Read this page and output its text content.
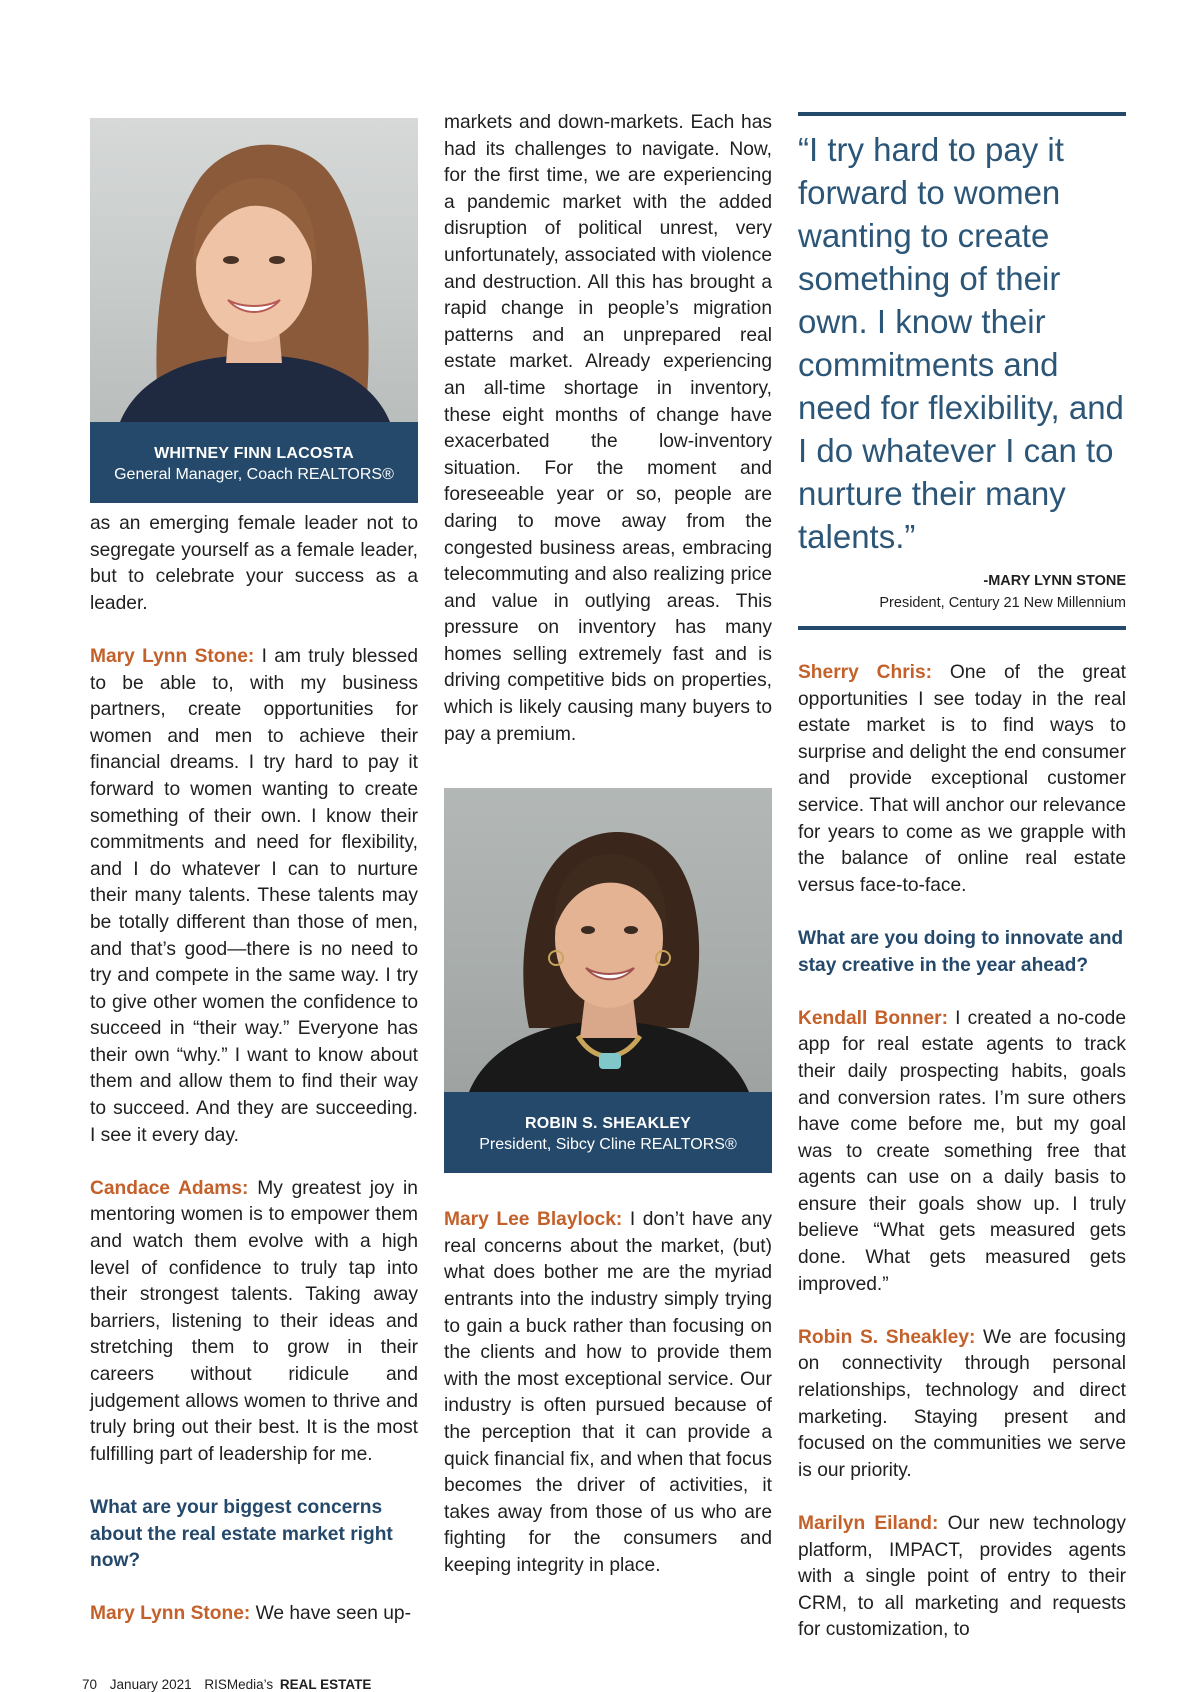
WHITNEY FINN LACOSTA
General Manager, Coach REALTORS®

as an emerging female leader not to segregate yourself as a female leader, but to celebrate your success as a leader.

Mary Lynn Stone: I am truly blessed to be able to, with my business partners, create opportunities for women and men to achieve their financial dreams. I try hard to pay it forward to women wanting to create something of their own. I know their commitments and need for flexibility, and I do whatever I can to nurture their many talents. These talents may be totally different than those of men, and that’s good—there is no need to try and compete in the same way. I try to give other women the confidence to succeed in “their way.” Everyone has their own “why.” I want to know about them and allow them to find their way to succeed. And they are succeeding. I see it every day.

Candace Adams: My greatest joy in mentoring women is to empower them and watch them evolve with a high level of confidence to truly tap into their strongest talents. Taking away barriers, listening to their ideas and stretching them to grow in their careers without ridicule and judgement allows women to thrive and truly bring out their best. It is the most fulfilling part of leadership for me.

What are your biggest concerns about the real estate market right now?

Mary Lynn Stone: We have seen up-

markets and down-markets. Each has had its challenges to navigate. Now, for the first time, we are experiencing a pandemic market with the added disruption of political unrest, very unfortunately, associated with violence and destruction. All this has brought a rapid change in people’s migration patterns and an unprepared real estate market. Already experiencing an all-time shortage in inventory, these eight months of change have exacerbated the low-inventory situation. For the moment and foreseeable year or so, people are daring to move away from the congested business areas, embracing telecommuting and also realizing price and value in outlying areas. This pressure on inventory has many homes selling extremely fast and is driving competitive bids on properties, which is likely causing many buyers to pay a premium.

ROBIN S. SHEAKLEY
President, Sibcy Cline REALTORS®

Mary Lee Blaylock: I don’t have any real concerns about the market, (but) what does bother me are the myriad entrants into the industry simply trying to gain a buck rather than focusing on the clients and how to provide them with the most exceptional service. Our industry is often pursued because of the perception that it can provide a quick financial fix, and when that focus becomes the driver of activities, it takes away from those of us who are fighting for the consumers and keeping integrity in place.

“I try hard to pay it forward to women wanting to create something of their own. I know their commitments and need for flexibility, and I do whatever I can to nurture their many talents.”

-MARY LYNN STONE
President, Century 21 New Millennium

Sherry Chris: One of the great opportunities I see today in the real estate market is to find ways to surprise and delight the end consumer and provide exceptional customer service. That will anchor our relevance for years to come as we grapple with the balance of online real estate versus face-to-face.

What are you doing to innovate and stay creative in the year ahead?

Kendall Bonner: I created a no-code app for real estate agents to track their daily prospecting habits, goals and conversion rates. I’m sure others have come before me, but my goal was to create something free that agents can use on a daily basis to ensure their goals show up. I truly believe “What gets measured gets done. What gets measured gets improved.”

Robin S. Sheakley: We are focusing on connectivity through personal relationships, technology and direct marketing. Staying present and focused on the communities we serve is our priority.

Marilyn Eiland: Our new technology platform, IMPACT, provides agents with a single point of entry to their CRM, to all marketing and requests for customization, to

70 January 2021 RISMedia’s REAL ESTATE
